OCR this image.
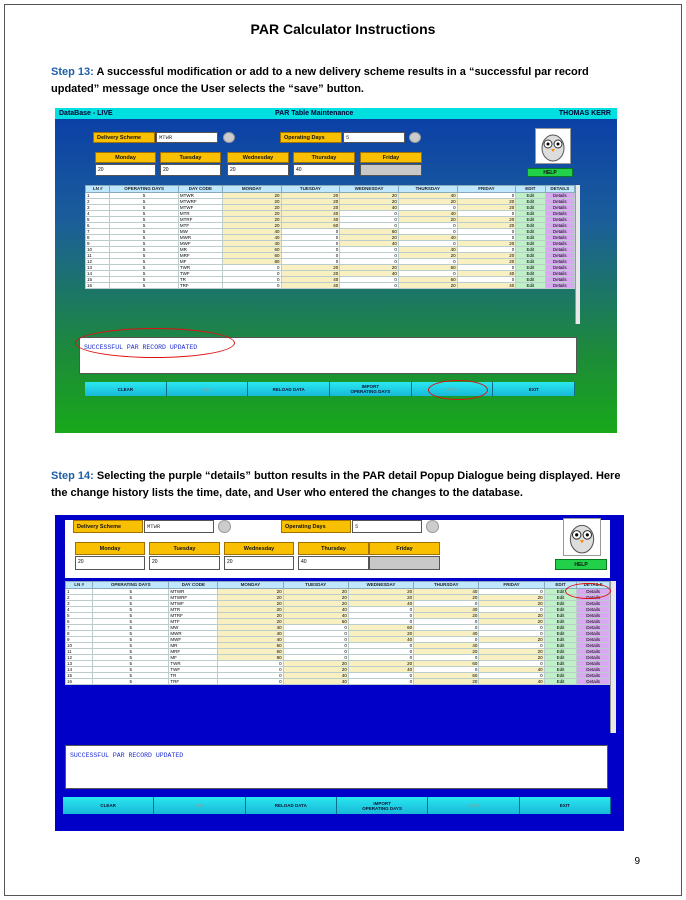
PAR Calculator Instructions
Step 13: A successful modification or add to a new delivery scheme results in a “successful par record updated” message once the User selects the “save” button.
DataBase - LIVE	PAR Table Maintenance	THOMAS KERR
Delivery Scheme	MTWR	Operating Days	5
Monday
20
Tuesday
20
Wednesday
20
Thursday
40
Friday
HELP
LN #	OPERATING DAYS	DAY CODE	MONDAY	TUESDAY	WEDNESDAY	THURSDAY	FRIDAY	EDIT	DETAILS
1	5	MTWR	20	20	20	40	0	Edit	Details
2	5	MTWRF	20	20	20	20	20	Edit	Details
3	5	MTWF	20	20	40	0	20	Edit	Details
4	5	MTR	20	40	0	40	0	Edit	Details
5	5	MTRF	20	40	0	20	20	Edit	Details
6	5	MTF	20	60	0	0	20	Edit	Details
7	5	MW	40	0	60	0	0	Edit	Details
8	5	MWR	40	0	20	40	0	Edit	Details
9	5	MWF	40	0	40	0	20	Edit	Details
10	5	MR	60	0	0	40	0	Edit	Details
11	5	MRF	60	0	0	20	20	Edit	Details
12	5	MF	80	0	0	0	20	Edit	Details
13	5	TWR	0	20	20	60	0	Edit	Details
14	5	TWF	0	20	40	0	40	Edit	Details
15	5	TR	0	40	0	60	0	Edit	Details
16	5	TRF	0	40	0	20	40	Edit	Details
SUCCESSFUL PAR RECORD UPDATED
CLEAR	ADD	RELOAD DATA	IMPORT
OPERATING DAYS	SAVE	EXIT
Step 14: Selecting the purple “details” button results in the PAR detail Popup Dialogue being displayed. Here the change history lists the time, date, and User who entered the changes to the database.
Delivery Scheme	MTWR	Operating Days	5
Monday
20
Tuesday
20
Wednesday
20
Thursday
40
Friday
HELP
LN #	OPERATING DAYS	DAY CODE	MONDAY	TUESDAY	WEDNESDAY	THURSDAY	FRIDAY	EDIT	DETAILS
1	5	MTWR	20	20	20	40	0	Edit	Details
2	5	MTWRF	20	20	20	20	20	Edit	Details
3	5	MTWF	20	20	40	0	20	Edit	Details
4	5	MTR	20	40	0	40	0	Edit	Details
5	5	MTRF	20	40	0	20	20	Edit	Details
6	5	MTF	20	60	0	0	20	Edit	Details
7	5	MW	40	0	60	0	0	Edit	Details
8	5	MWR	40	0	20	40	0	Edit	Details
9	5	MWF	40	0	40	0	20	Edit	Details
10	5	MR	60	0	0	40	0	Edit	Details
11	5	MRF	60	0	0	20	20	Edit	Details
12	5	MF	80	0	0	0	20	Edit	Details
13	5	TWR	0	20	20	60	0	Edit	Details
14	5	TWF	0	20	40	0	40	Edit	Details
15	5	TR	0	40	0	60	0	Edit	Details
16	5	TRF	0	40	0	20	40	Edit	Details
SUCCESSFUL PAR RECORD UPDATED
CLEAR	ADD	RELOAD DATA	IMPORT
OPERATING DAYS	SAVE	EXIT
9
